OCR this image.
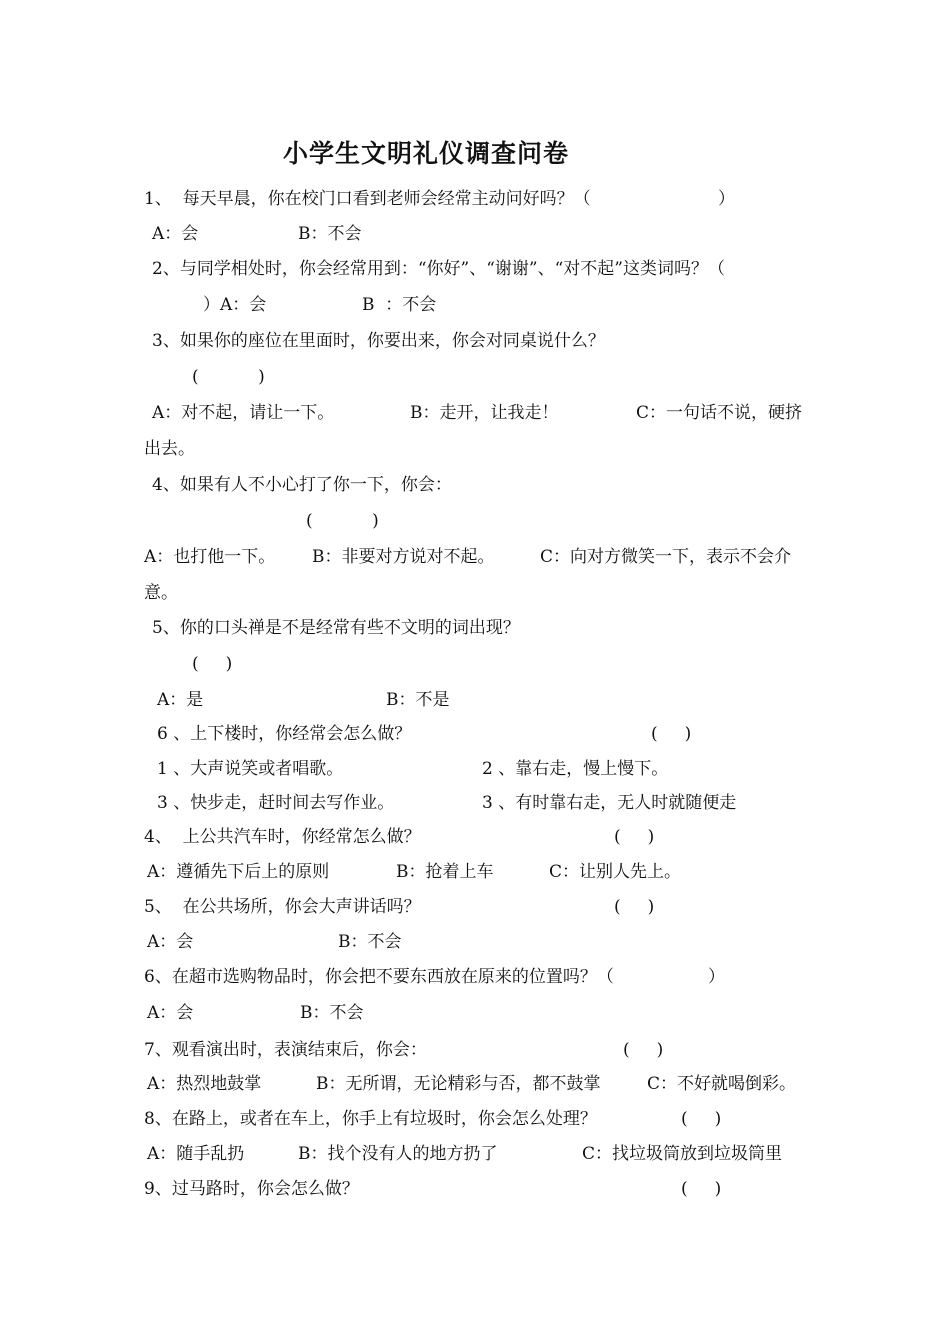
小学生文明礼仪调查问卷
1、  每天早晨，你在校门口看到老师会经常主动问好吗？（	）
A：会	B：不会
2、与同学相处时，你会经常用到：“你好”、“谢谢”、“对不起”这类词吗？（
）A：会	B  ：不会
3、如果你的座位在里面时，你要出来，你会对同桌说什么？
(           )
A：对不起，请让一下。	B：走开，让我走！	C：一句话不说，硬挤
出去。
4、如果有人不小心打了你一下，你会：
(           )
A：也打他一下。 B：非要对方说对不起。	C：向对方微笑一下，表示不会介
意。
5、你的口头禅是不是经常有些不文明的词出现？
(     )
A：是	B：不是
6 、上下楼时，你经常会怎么做？	(     )
1 、大声说笑或者唱歌。	2 、靠右走，慢上慢下。
3 、快步走，赶时间去写作业。	3 、有时靠右走，无人时就随便走
4、  上公共汽车时，你经常怎么做？	(     )
A：遵循先下后上的原则	B：抢着上车	C：让别人先上。
5、  在公共场所，你会大声讲话吗？	(     )
A：会	B：不会
6、在超市选购物品时，你会把不要东西放在原来的位置吗？（	）
A：会	B：不会
7、观看演出时，表演结束后，你会：	(     )
A：热烈地鼓掌	B：无所谓，无论精彩与否，都不鼓掌	C：不好就喝倒彩。
8、在路上，或者在车上，你手上有垃圾时，你会怎么处理？	(     )
A：随手乱扔	B：找个没有人的地方扔了	C：找垃圾筒放到垃圾筒里
9、过马路时，你会怎么做？	(     )
